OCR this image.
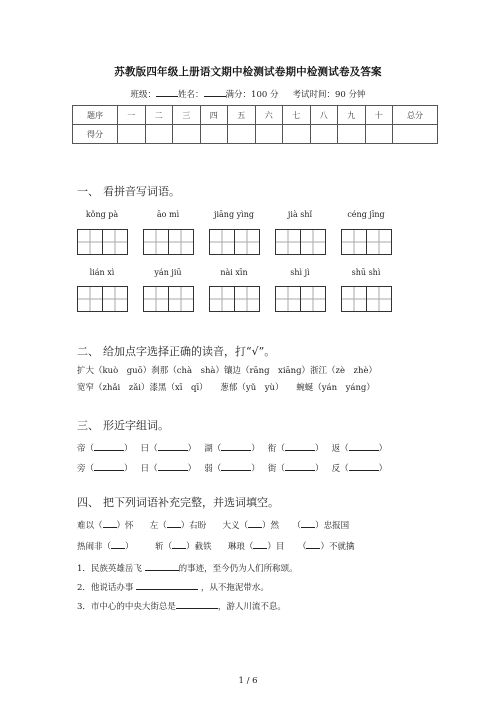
苏教版四年级上册语文期中检测试卷期中检测试卷及答案
班级：	姓名：	满分：100 分 考试时间：90 分钟
题序	一	二	三	四	五	六	七	八	九	十	总分
得分											
一、 看拼音写词语。
kǒng pà	āo mì	jiāng yìng	jià shǐ	céng jīng
lián xì	yán jiū	nài xīn	shì jì	shū shì
二、 给加点字选择正确的读音，打“√”。
扩大（kuò　guō）刹那（chà　shà）镶边（rāng　xiāng）浙江（zè　zhè）
宽窄（zhǎi　zǎi）漆黑（xī　qī）　　葱郁（yǔ　yù）　　蜿蜒（yán　yáng）
三、 形近字组词。
帝（	） 曰（	） 湖（	） 衔（	） 返（	）
旁（	） 日（	） 弱（	） 街（	） 反（	）
四、 把下列词语补充完整，并选词填空。
难以（ ）怀 左（ ）右盼 大义（ ）然 （ ）忠报国
热闹非（ ）	斩（ ）截铁 琳琅（ ）目 （ ）不就擒
1．民族英雄岳飞	的事迹，至今仍为人们所称颂。
2．他说话办事	，从不拖泥带水。
3．市中心的中央大街总是	，游人川流不息。
1 / 6
